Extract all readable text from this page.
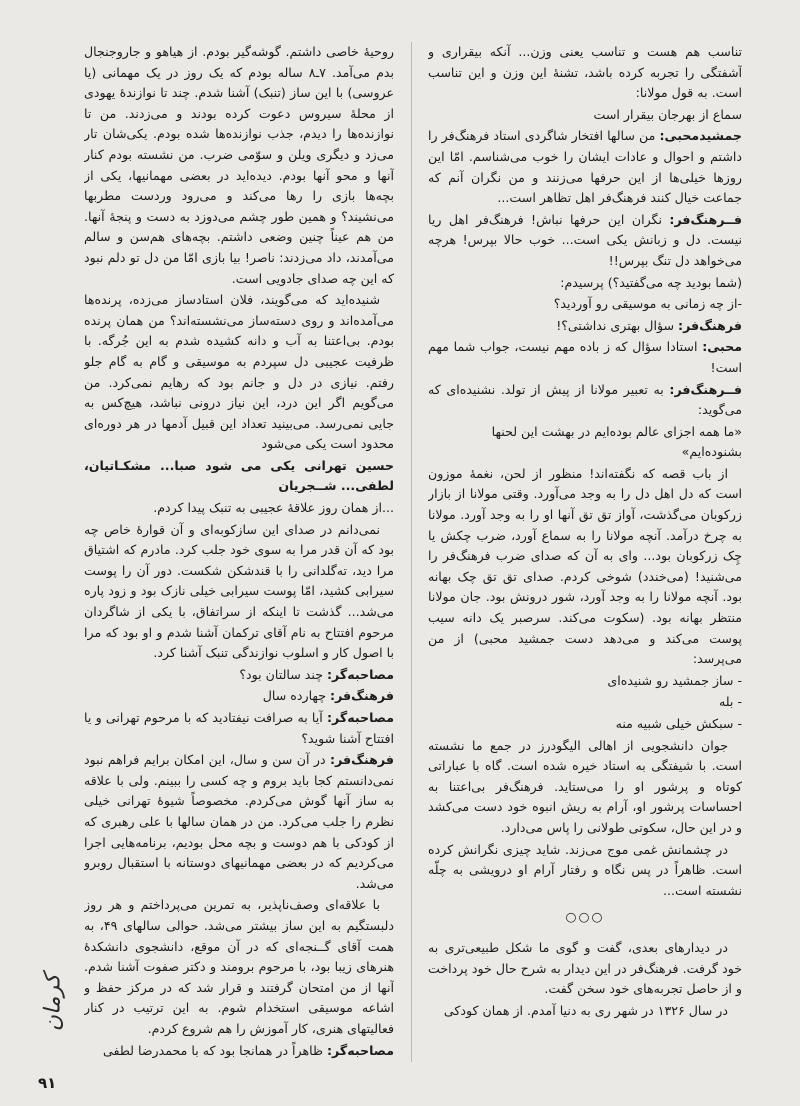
تناسب هم هست و تناسب یعنی وزن... آنکه بیقراری و آشفتگی را تجربه کرده باشد، تشنهٔ این وزن و این تناسب است. به قول مولانا:

سماع از بهرجان بیقرار است

جمشیدمحبی: من سالها افتخار شاگردی استاد فرهنگ‌فر را داشتم و احوال و عادات ایشان را خوب می‌شناسم. امّا این روزها خیلی‌ها از این حرفها می‌زنند و من نگران آنم که جماعت خیال کنند فرهنگ‌فر اهل تظاهر است...

فــرهنگ‌فر: نگران این حرفها نباش! فرهنگ‌فر اهل ریا نیست. دل و زبانش یکی است... خوب حالا بپرس! هرچه می‌خواهد دل تنگ بپرس!!

(شما بودید چه می‌گفتید؟) پرسیدم:

-از چه زمانی به موسیقی رو آوردید؟

فرهنگ‌فر: سؤال بهتری نداشتی؟!

محبی: استادا سؤال که ز باده مهم نیست، جواب شما مهم است!

فــرهنگ‌فر: به تعبیر مولانا از پیش از تولد. نشنیده‌ای که می‌گوید:

«ما همه اجزای عالم بوده‌ایم در بهشت این لحنها بشنوده‌ایم»

از باب قصه که نگفته‌اند! منظور از لحن، نغمهٔ موزون است که دل اهل دل را به وجد می‌آورد. وقتی مولانا از بازار زرکوبان می‌گذشت، آواز تق تق آنها او را به وجد آورد. مولانا به چرخ درآمد. آنچه مولانا را به سماع آورد، ضرب چکش یا چِک زرکوبان بود... وای به آن که صدای ضرب فرهنگ‌فر را می‌شنید! (می‌خندد) شوخی کردم. صدای تق تق چک بهانه بود. آنچه مولانا را به وجد آورد، شور درونش بود. جان مولانا منتظر بهانه بود. (سکوت می‌کند. سرصبر یک دانه سیب پوست می‌کند و می‌دهد دست جمشید محبی) از من می‌پرسد:

- ساز جمشید رو شنیده‌ای

- بله

- سبکش خیلی شبیه منه

جوان دانشجویی از اهالی الیگودرز در جمع ما نشسته است. با شیفتگی به استاد خیره شده است. گاه با عباراتی کوتاه و پرشور او را می‌ستاید. فرهنگ‌فر بی‌اعتنا به احساسات پرشور او، آرام به ریش انبوه خود دست می‌کشد و در این حال، سکوتی طولانی را پاس می‌دارد.

در چشمانش غمی موج می‌زند. شاید چیزی نگرانش کرده است. ظاهراً در پس نگاه و رفتار آرام او درویشی به چلّه نشسته است...

○○○

در دیدارهای بعدی، گفت و گوی ما شکل طبیعی‌تری به خود گرفت. فرهنگ‌فر در این دیدار به شرح حال خود پرداخت و از حاصل تجربه‌های خود سخن گفت.

در سال ۱۳۲۶ در شهر ری به دنیا آمدم. از همان کودکی

روحیهٔ خاصی داشتم. گوشه‌گیر بودم. از هیاهو و جاروجنجال بدم می‌آمد. ۷ـ۸ ساله بودم که یک روز در یک مهمانی (یا عروسی) با این ساز (تنبک) آشنا شدم. چند تا نوازندهٔ یهودی از محلهٔ سیروس دعوت کرده بودند و می‌زدند. من تا نوازنده‌ها را دیدم، جذب نوازنده‌ها شده بودم. یکی‌شان تار می‌زد و دیگری ویلن و سوّمی ضرب. من نشسته بودم کنار آنها و محو آنها بودم. دیده‌اید در بعضی مهمانیها، یکی از بچه‌ها بازی را رها می‌کند و می‌رود وردست مطربها می‌نشیند؟ و همین طور چشم می‌دوزد به دست و پنجهٔ آنها. من هم عیناً چنین وضعی داشتم. بچه‌های هم‌سن و سالم می‌آمدند، داد می‌زدند: ناصر! بیا بازی امّا من دل تو دلم نبود که این چه صدای جادویی است.

شنیده‌اید که می‌گویند، فلان استادساز می‌زده، پرنده‌ها می‌آمده‌اند و روی دسته‌ساز می‌نشسته‌اند؟ من همان پرنده بودم. بی‌اعتنا به آب و دانه کشیده شدم به این جُرگه. با ظرفیت عجیبی دل سپردم به موسیقی و گام به گام جلو رفتم. نیازی در دل و جانم بود که رهایم نمی‌کرد. من می‌گویم اگر این درد، این نیاز درونی نباشد، هیچ‌کس به جایی نمی‌رسد. می‌بینید تعداد این قبیل آدمها در هر دوره‌ای محدود است یکی می‌شود

حسین تهرانی یکی می شود صبا... مشکـاتیان، لطفی... شــجریان

...از همان روز علاقهٔ عجیبی به تنبک پیدا کردم.

نمی‌دانم در صدای این سازکوبه‌ای و آن قوارهٔ خاص چه بود که آن قدر مرا به سوی خود جلب کرد. مادرم که اشتیاق مرا دید، ته‌گلدانی را با قندشکن شکست. دور آن را پوست سیرابی کشید، امّا پوست سیرابی خیلی نازک بود و زود پاره می‌شد... گذشت تا اینکه از سراتفاق، با یکی از شاگردان مرحوم افتتاح به نام آقای ترکمان آشنا شدم و او بود که مرا با اصول کار و اسلوب نوازندگی تنبک آشنا کرد.

مصاحبه‌گر: چند سالتان بود؟

فرهنگ‌فر: چهارده سال

مصاحبه‌گر: آیا به صرافت نیفتادید که با مرحوم تهرانی و یا افتتاح آشنا شوید؟

فرهنگ‌فر: در آن سن و سال، این امکان برایم فراهم نبود نمی‌دانستم کجا باید بروم و چه کسی را ببینم. ولی با علاقه به ساز آنها گوش می‌کردم. مخصوصاً شیوهٔ تهرانی خیلی نظرم را جلب می‌کرد. من در همان سالها با علی رهبری که از کودکی با هم دوست و بچه محل بودیم، برنامه‌هایی اجرا می‌کردیم که در بعضی مهمانیهای دوستانه با استقبال روبرو می‌شد.

با علاقه‌ای وصف‌ناپذیر، به تمرین می‌پرداختم و هر روز دلبستگیم به این ساز بیشتر می‌شد. حوالی سالهای ۴۹، به همت آقای گــنجه‌ای که در آن موقع، دانشجوی دانشکدهٔ هنرهای زیبا بود، با مرحوم برومند و دکتر صفوت آشنا شدم. آنها از من امتحان گرفتند و قرار شد که در مرکز حفظ و اشاعه موسیقی استخدام شوم. به این ترتیب در کنار فعالیتهای هنری، کار آموزش را هم شروع کردم.

مصاحبه‌گر: ظاهراً در همانجا بود که با محمدرضا لطفی

کرمان
۹۱
